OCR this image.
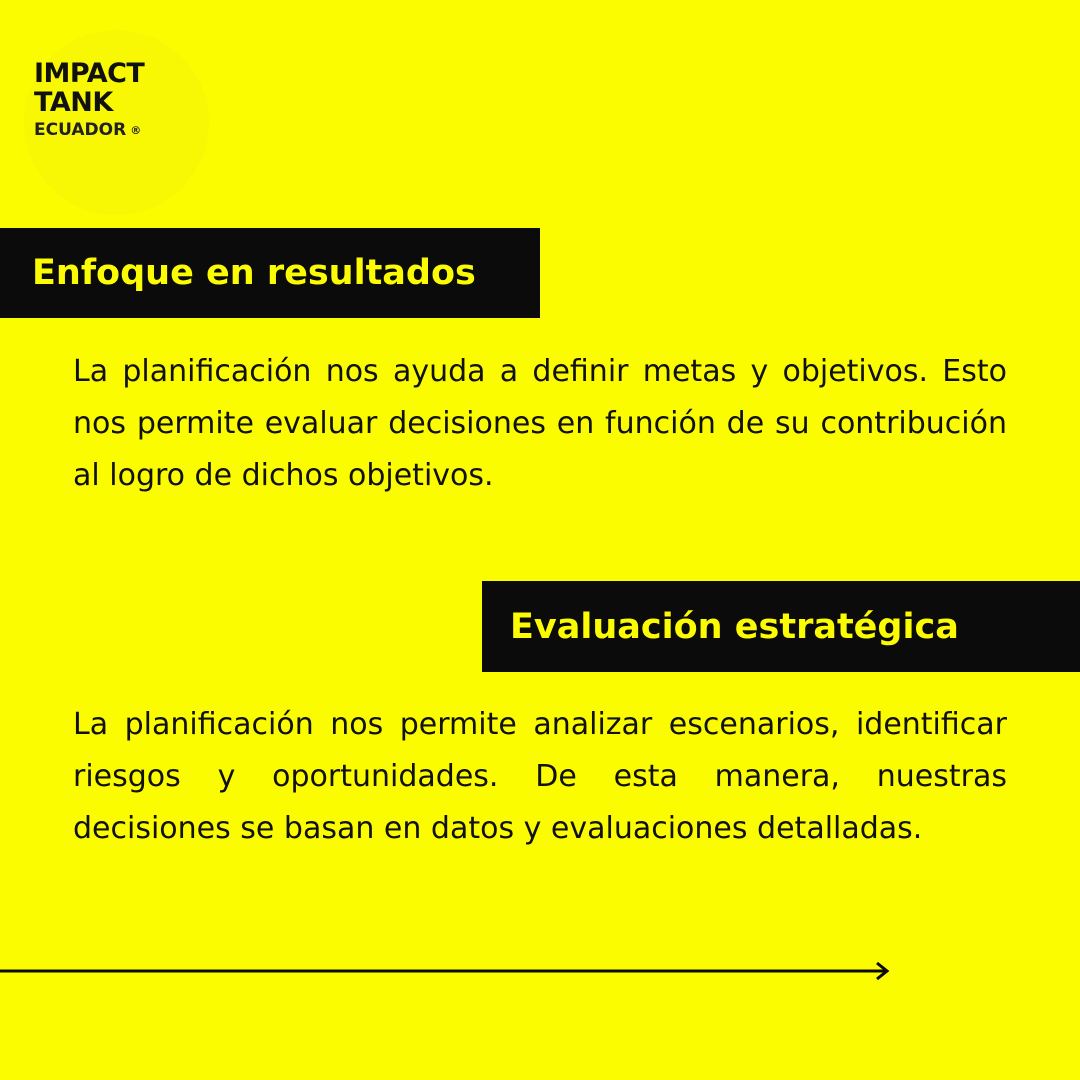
IMPACT
TANK
ECUADOR ®
Enfoque en resultados

La planificación nos ayuda a definir metas y objetivos. Esto nos permite evaluar decisiones en función de su contribución al logro de dichos objetivos.

Evaluación estratégica

La planificación nos permite analizar escenarios, identificar riesgos y oportunidades. De esta manera, nuestras decisiones se basan en datos y evaluaciones detalladas.
